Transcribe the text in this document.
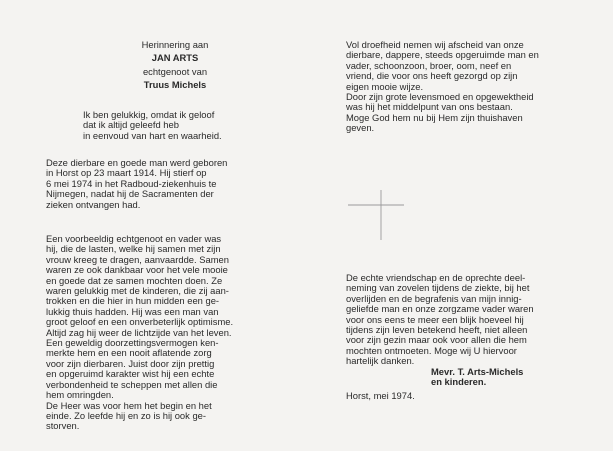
Herinnering aan

JAN ARTS

echtgenoot van

Truus Michels

Ik ben gelukkig, omdat ik geloof

dat ik altijd geleefd heb

in eenvoud van hart en waarheid.

Deze dierbare en goede man werd geboren

in Horst op 23 maart 1914. Hij stierf op

6 mei 1974 in het Radboud-ziekenhuis te

Nijmegen, nadat hij de Sacramenten der

zieken ontvangen had.

Een voorbeeldig echtgenoot en vader was

hij, die de lasten, welke hij samen met zijn

vrouw kreeg te dragen, aanvaardde. Samen

waren ze ook dankbaar voor het vele mooie

en goede dat ze samen mochten doen. Ze

waren gelukkig met de kinderen, die zij aan-

trokken en die hier in hun midden een ge-

lukkig thuis hadden. Hij was een man van

groot geloof en een onverbeterlijk optimisme.

Altijd zag hij weer de lichtzijde van het leven.

Een geweldig doorzettingsvermogen ken-

merkte hem en een nooit aflatende zorg

voor zijn dierbaren. Juist door zijn prettig

en opgeruimd karakter wist hij een echte

verbondenheid te scheppen met allen die

hem omringden.

De Heer was voor hem het begin en het

einde. Zo leefde hij en zo is hij ook ge-

storven.

Vol droefheid nemen wij afscheid van onze

dierbare, dappere, steeds opgeruimde man en

vader, schoonzoon, broer, oom, neef en

vriend, die voor ons heeft gezorgd op zijn

eigen mooie wijze.

Door zijn grote levensmoed en opgewektheid

was hij het middelpunt van ons bestaan.

Moge God hem nu bij Hem zijn thuishaven

geven.

De echte vriendschap en de oprechte deel-

neming van zovelen tijdens de ziekte, bij het

overlijden en de begrafenis van mijn innig-

geliefde man en onze zorgzame vader waren

voor ons eens te meer een blijk hoeveel hij

tijdens zijn leven betekend heeft, niet alleen

voor zijn gezin maar ook voor allen die hem

mochten ontmoeten. Moge wij U hiervoor

hartelijk danken.

Mevr. T. Arts-Michels

en kinderen.

Horst, mei 1974.
